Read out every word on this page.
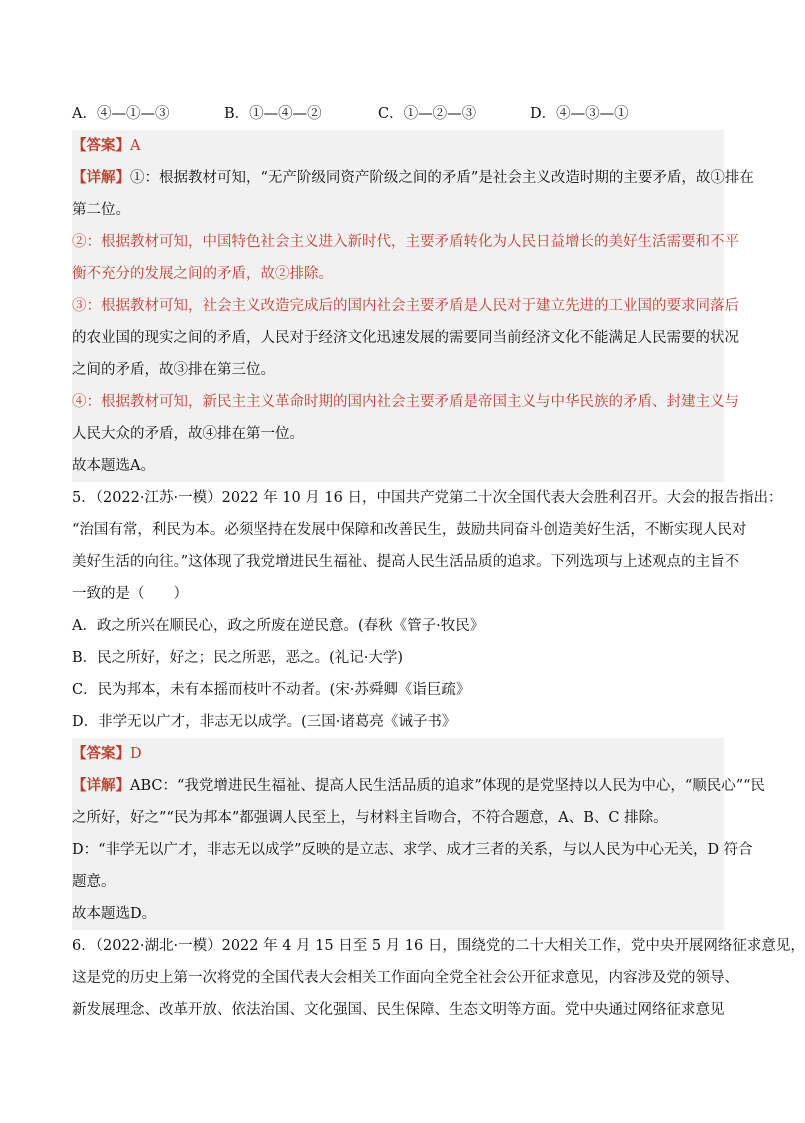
A．④—①—③	B．①—④—②	C．①—②—③	D．④—③—①
【答案】A
【详解】①：根据教材可知，“无产阶级同资产阶级之间的矛盾”是社会主义改造时期的主要矛盾，故①排在
第二位。
②：根据教材可知，中国特色社会主义进入新时代，主要矛盾转化为人民日益增长的美好生活需要和不平
衡不充分的发展之间的矛盾，故②排除。
③：根据教材可知，社会主义改造完成后的国内社会主要矛盾是人民对于建立先进的工业国的要求同落后
的农业国的现实之间的矛盾，人民对于经济文化迅速发展的需要同当前经济文化不能满足人民需要的状况
之间的矛盾，故③排在第三位。
④：根据教材可知，新民主主义革命时期的国内社会主要矛盾是帝国主义与中华民族的矛盾、封建主义与
人民大众的矛盾，故④排在第一位。
故本题选A。
5．（2022·江苏·一模）2022 年 10 月 16 日，中国共产党第二十次全国代表大会胜利召开。大会的报告指出：
“治国有常，利民为本。必须坚持在发展中保障和改善民生，鼓励共同奋斗创造美好生活，不断实现人民对
美好生活的向往。”这体现了我党增进民生福祉、提高人民生活品质的追求。下列选项与上述观点的主旨不
一致的是（　　）
A．政之所兴在顺民心，政之所废在逆民意。(春秋《管子·牧民》
B．民之所好，好之；民之所恶，恶之。(礼记·大学)
C．民为邦本，未有本摇而枝叶不动者。(宋·苏舜卿《诣巨疏》
D．非学无以广才，非志无以成学。(三国·诸葛亮《诫子书》
【答案】D
【详解】ABC：“我党增进民生福祉、提高人民生活品质的追求”体现的是党坚持以人民为中心，“顺民心”“民
之所好，好之”“民为邦本”都强调人民至上，与材料主旨吻合，不符合题意，A、B、C 排除。
D：“非学无以广才，非志无以成学”反映的是立志、求学、成才三者的关系，与以人民为中心无关，D 符合
题意。
故本题选D。
6．（2022·湖北·一模）2022 年 4 月 15 日至 5 月 16 日，围绕党的二十大相关工作，党中央开展网络征求意见，
这是党的历史上第一次将党的全国代表大会相关工作面向全党全社会公开征求意见，内容涉及党的领导、
新发展理念、改革开放、依法治国、文化强国、民生保障、生态文明等方面。党中央通过网络征求意见
